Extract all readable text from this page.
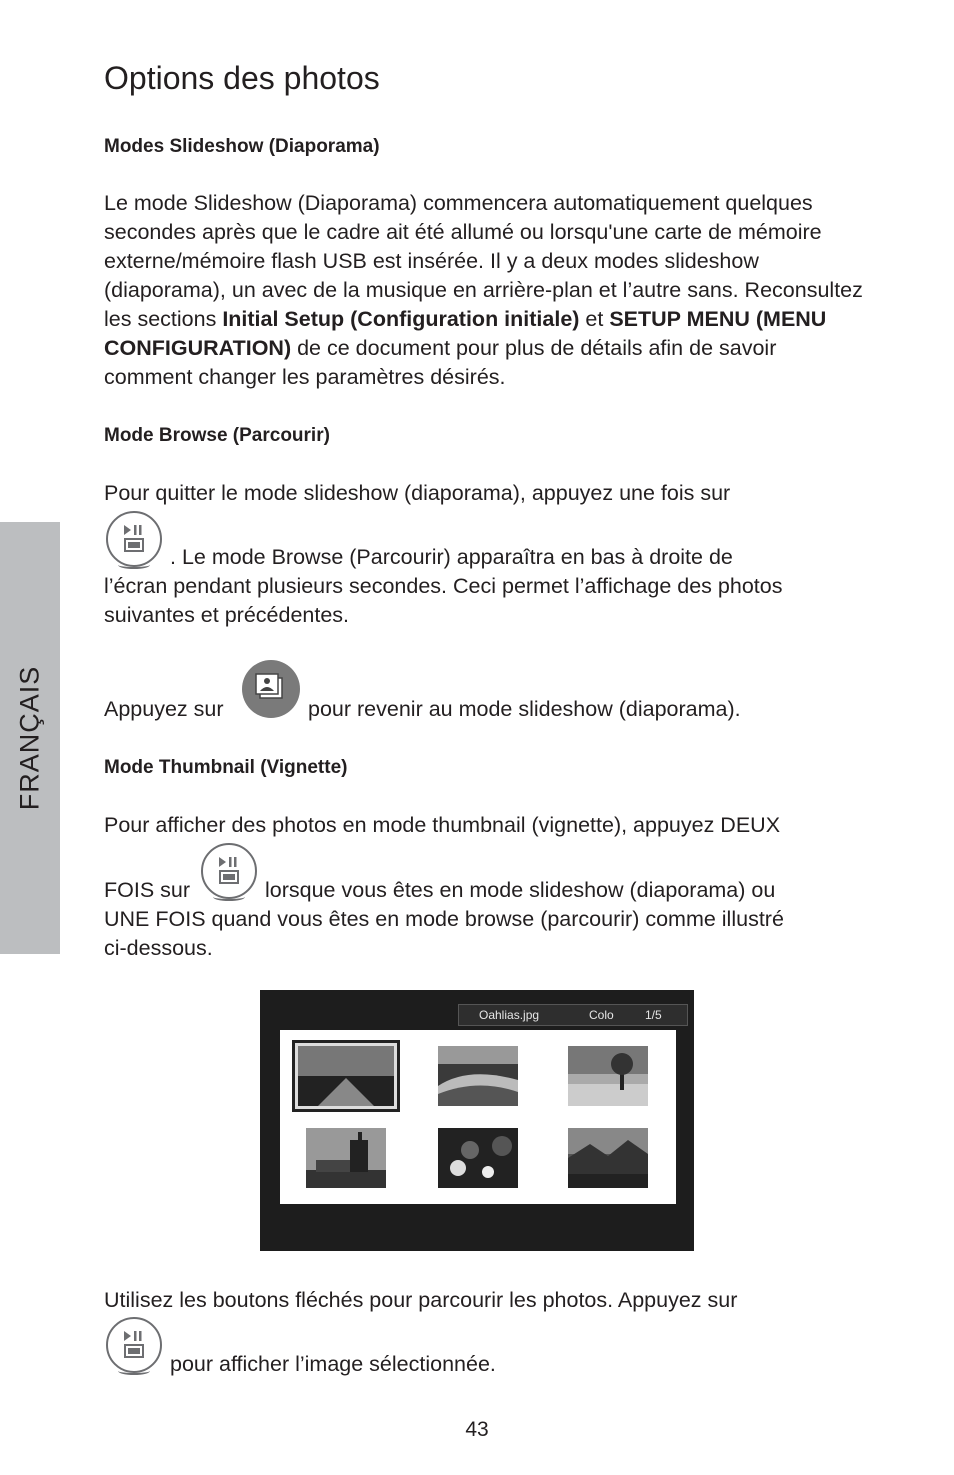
FRANÇAIS
Options des photos
Modes Slideshow (Diaporama)

Le mode Slideshow (Diaporama) commencera automatiquement quelques secondes après que le cadre ait été allumé ou lorsqu'une carte de mémoire externe/mémoire flash USB est insérée. Il y a deux modes slideshow (diaporama), un avec de la musique en arrière-plan et l’autre sans. Reconsultez les sections Initial Setup (Configuration initiale) et SETUP MENU (MENU CONFIGURATION) de ce document pour plus de détails afin de savoir comment changer les paramètres désirés.

Mode Browse (Parcourir)
Pour quitter le mode slideshow (diaporama), appuyez une fois sur
. Le mode Browse (Parcourir) apparaîtra en bas à droite de
l’écran pendant plusieurs secondes. Ceci permet l’affichage des photos
suivantes et précédentes.
Appuyez sur	pour revenir au mode slideshow (diaporama).
Mode Thumbnail (Vignette)
Pour afficher des photos en mode thumbnail (vignette), appuyez DEUX
FOIS sur	lorsque vous êtes en mode slideshow (diaporama) ou
UNE FOIS quand vous êtes en mode browse (parcourir) comme illustré
ci-dessous.
Oahlias.jpg	Colo	1/5
Utilisez les boutons fléchés pour parcourir les photos. Appuyez sur
pour afficher l’image sélectionnée.
43
